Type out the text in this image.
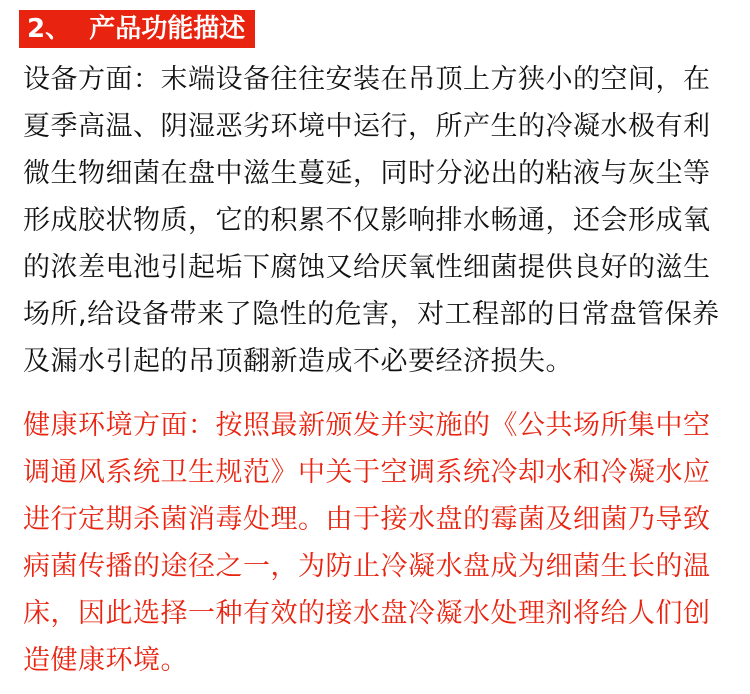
2、  产品功能描述

设备方面：末端设备往往安装在吊顶上方狭小的空间，在
夏季高温、阴湿恶劣环境中运行，所产生的冷凝水极有利
微生物细菌在盘中滋生蔓延，同时分泌出的粘液与灰尘等
形成胶状物质，它的积累不仅影响排水畅通，还会形成氧
的浓差电池引起垢下腐蚀又给厌氧性细菌提供良好的滋生
场所,给设备带来了隐性的危害，对工程部的日常盘管保养
及漏水引起的吊顶翻新造成不必要经济损失。

健康环境方面：按照最新颁发并实施的《公共场所集中空
调通风系统卫生规范》中关于空调系统冷却水和冷凝水应
进行定期杀菌消毒处理。由于接水盘的霉菌及细菌乃导致
病菌传播的途径之一，为防止冷凝水盘成为细菌生长的温
床，因此选择一种有效的接水盘冷凝水处理剂将给人们创
造健康环境。
